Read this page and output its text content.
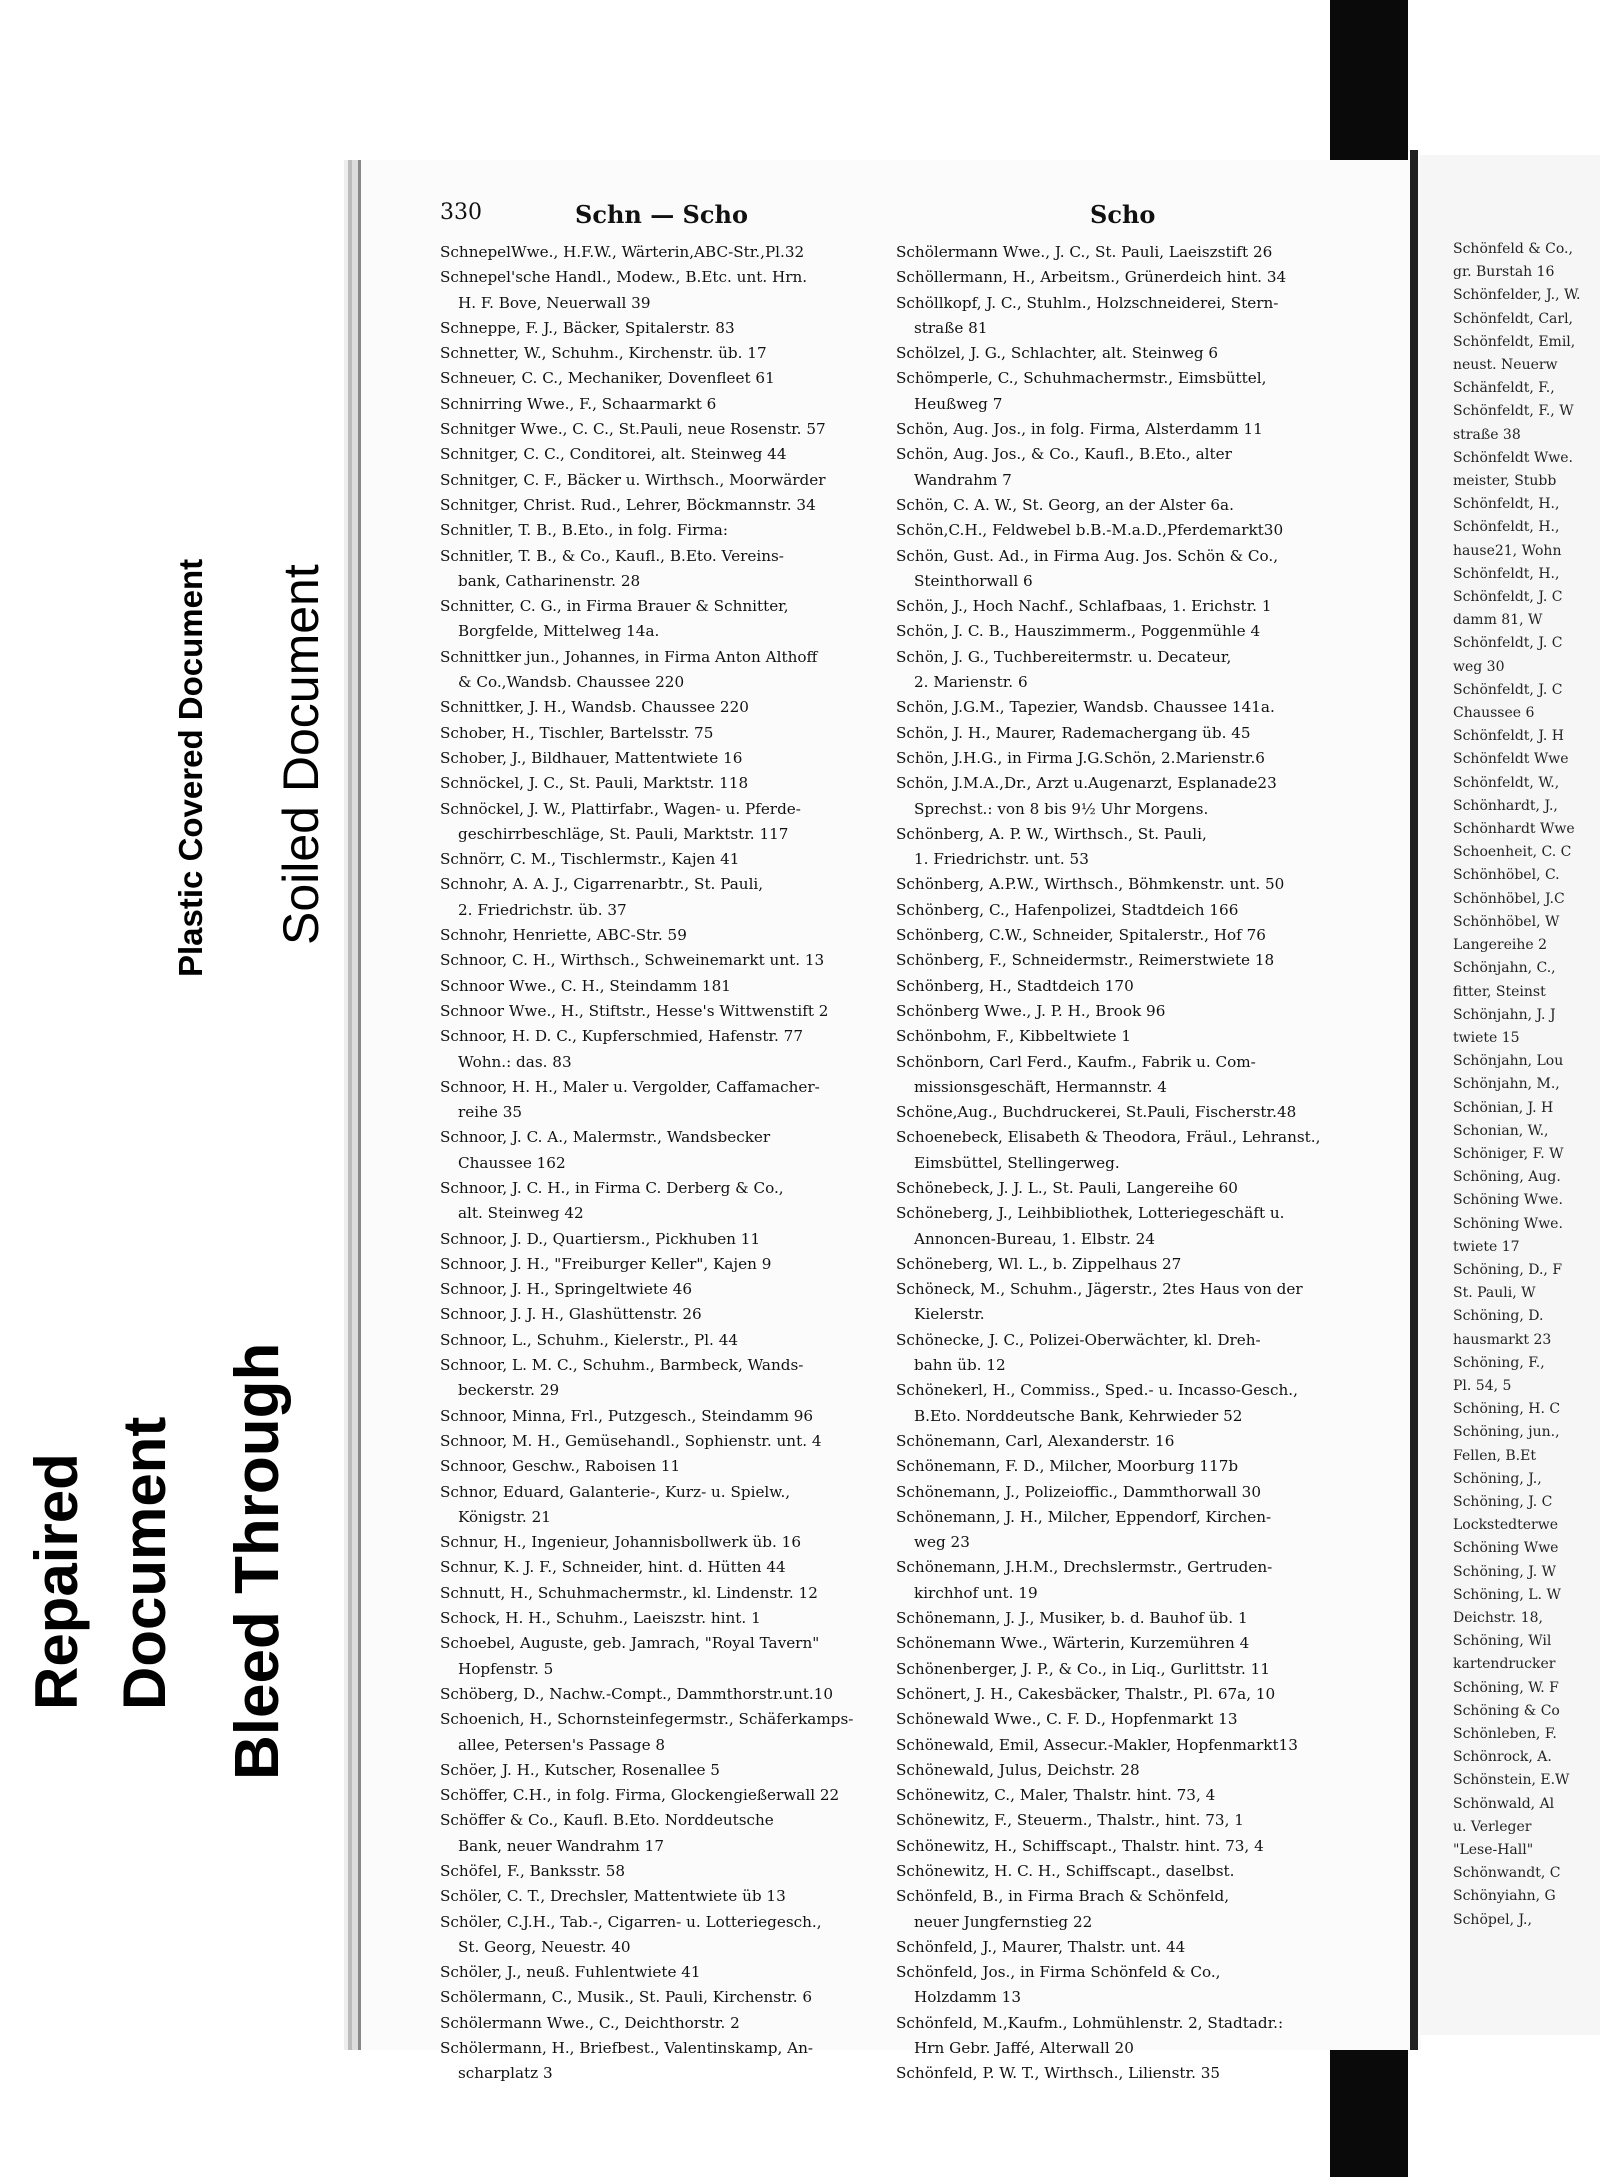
Schönfeld & Co.,
gr. Burstah 16
Schönfelder, J., W.
Schönfeldt, Carl,
Schönfeldt, Emil,
neust. Neuerw
Schänfeldt, F.,
Schönfeldt, F., W
straße 38
Schönfeldt Wwe.
meister, Stubb
Schönfeldt, H.,
Schönfeldt, H.,
hause21, Wohn
Schönfeldt, H.,
Schönfeldt, J. C
damm 81, W
Schönfeldt, J. C
weg 30
Schönfeldt, J. C
Chaussee 6
Schönfeldt, J. H
Schönfeldt Wwe
Schönfeldt, W.,
Schönhardt, J.,
Schönhardt Wwe
Schoenheit, C. C
Schönhöbel, C.
Schönhöbel, J.C
Schönhöbel, W
Langereihe 2
Schönjahn, C.,
fitter, Steinst
Schönjahn, J. J
twiete 15
Schönjahn, Lou
Schönjahn, M.,
Schönian, J. H
Schonian, W.,
Schöniger, F. W
Schöning, Aug.
Schöning Wwe.
Schöning Wwe.
twiete 17
Schöning, D., F
St. Pauli, W
Schöning, D.
hausmarkt 23
Schöning, F.,
Pl. 54, 5
Schöning, H. C
Schöning, jun.,
Fellen, B.Et
Schöning, J.,
Schöning, J. C
Lockstedterwe
Schöning Wwe
Schöning, J. W
Schöning, L. W
Deichstr. 18,
Schöning, Wil
kartendrucker
Schöning, W. F
Schöning & Co
Schönleben, F.
Schönrock, A.
Schönstein, E.W
Schönwald, Al
u. Verleger
"Lese-Hall"
Schönwandt, C
Schönyiahn, G
Schöpel, J.,
330	Schn — Scho	Scho
SchnepelWwe., H.F.W., Wärterin,ABC-Str.,Pl.32
Schnepel'sche Handl., Modew., B.Etc. unt. Hrn.
H. F. Bove, Neuerwall 39
Schneppe, F. J., Bäcker, Spitalerstr. 83
Schnetter, W., Schuhm., Kirchenstr. üb. 17
Schneuer, C. C., Mechaniker, Dovenfleet 61
Schnirring Wwe., F., Schaarmarkt 6
Schnitger Wwe., C. C., St.Pauli, neue Rosenstr. 57
Schnitger, C. C., Conditorei, alt. Steinweg 44
Schnitger, C. F., Bäcker u. Wirthsch., Moorwärder
Schnitger, Christ. Rud., Lehrer, Böckmannstr. 34
Schnitler, T. B., B.Eto., in folg. Firma:
Schnitler, T. B., & Co., Kaufl., B.Eto. Vereins-
bank, Catharinenstr. 28
Schnitter, C. G., in Firma Brauer & Schnitter,
Borgfelde, Mittelweg 14a.
Schnittker jun., Johannes, in Firma Anton Althoff
& Co.,Wandsb. Chaussee 220
Schnittker, J. H., Wandsb. Chaussee 220
Schober, H., Tischler, Bartelsstr. 75
Schober, J., Bildhauer, Mattentwiete 16
Schnöckel, J. C., St. Pauli, Marktstr. 118
Schnöckel, J. W., Plattirfabr., Wagen- u. Pferde-
geschirrbeschläge, St. Pauli, Marktstr. 117
Schnörr, C. M., Tischlermstr., Kajen 41
Schnohr, A. A. J., Cigarrenarbtr., St. Pauli,
2. Friedrichstr. üb. 37
Schnohr, Henriette, ABC-Str. 59
Schnoor, C. H., Wirthsch., Schweinemarkt unt. 13
Schnoor Wwe., C. H., Steindamm 181
Schnoor Wwe., H., Stiftstr., Hesse's Wittwenstift 2
Schnoor, H. D. C., Kupferschmied, Hafenstr. 77
Wohn.: das. 83
Schnoor, H. H., Maler u. Vergolder, Caffamacher-
reihe 35
Schnoor, J. C. A., Malermstr., Wandsbecker
Chaussee 162
Schnoor, J. C. H., in Firma C. Derberg & Co.,
alt. Steinweg 42
Schnoor, J. D., Quartiersm., Pickhuben 11
Schnoor, J. H., "Freiburger Keller", Kajen 9
Schnoor, J. H., Springeltwiete 46
Schnoor, J. J. H., Glashüttenstr. 26
Schnoor, L., Schuhm., Kielerstr., Pl. 44
Schnoor, L. M. C., Schuhm., Barmbeck, Wands-
beckerstr. 29
Schnoor, Minna, Frl., Putzgesch., Steindamm 96
Schnoor, M. H., Gemüsehandl., Sophienstr. unt. 4
Schnoor, Geschw., Raboisen 11
Schnor, Eduard, Galanterie-, Kurz- u. Spielw.,
Königstr. 21
Schnur, H., Ingenieur, Johannisbollwerk üb. 16
Schnur, K. J. F., Schneider, hint. d. Hütten 44
Schnutt, H., Schuhmachermstr., kl. Lindenstr. 12
Schock, H. H., Schuhm., Laeiszstr. hint. 1
Schoebel, Auguste, geb. Jamrach, "Royal Tavern"
Hopfenstr. 5
Schöberg, D., Nachw.-Compt., Dammthorstr.unt.10
Schoenich, H., Schornsteinfegermstr., Schäferkamps-
allee, Petersen's Passage 8
Schöer, J. H., Kutscher, Rosenallee 5
Schöffer, C.H., in folg. Firma, Glockengießerwall 22
Schöffer & Co., Kaufl. B.Eto. Norddeutsche
Bank, neuer Wandrahm 17
Schöfel, F., Banksstr. 58
Schöler, C. T., Drechsler, Mattentwiete üb 13
Schöler, C.J.H., Tab.-, Cigarren- u. Lotteriegesch.,
St. Georg, Neuestr. 40
Schöler, J., neuß. Fuhlentwiete 41
Schölermann, C., Musik., St. Pauli, Kirchenstr. 6
Schölermann Wwe., C., Deichthorstr. 2
Schölermann, H., Briefbest., Valentinskamp, An-
scharplatz 3
Schölermann Wwe., J. C., St. Pauli, Laeiszstift 26
Schöllermann, H., Arbeitsm., Grünerdeich hint. 34
Schöllkopf, J. C., Stuhlm., Holzschneiderei, Stern-
straße 81
Schölzel, J. G., Schlachter, alt. Steinweg 6
Schömperle, C., Schuhmachermstr., Eimsbüttel,
Heußweg 7
Schön, Aug. Jos., in folg. Firma, Alsterdamm 11
Schön, Aug. Jos., & Co., Kaufl., B.Eto., alter
Wandrahm 7
Schön, C. A. W., St. Georg, an der Alster 6a.
Schön,C.H., Feldwebel b.B.-M.a.D.,Pferdemarkt30
Schön, Gust. Ad., in Firma Aug. Jos. Schön & Co.,
Steinthorwall 6
Schön, J., Hoch Nachf., Schlafbaas, 1. Erichstr. 1
Schön, J. C. B., Hauszimmerm., Poggenmühle 4
Schön, J. G., Tuchbereitermstr. u. Decateur,
2. Marienstr. 6
Schön, J.G.M., Tapezier, Wandsb. Chaussee 141a.
Schön, J. H., Maurer, Rademachergang üb. 45
Schön, J.H.G., in Firma J.G.Schön, 2.Marienstr.6
Schön, J.M.A.,Dr., Arzt u.Augenarzt, Esplanade23
Sprechst.: von 8 bis 9½ Uhr Morgens.
Schönberg, A. P. W., Wirthsch., St. Pauli,
1. Friedrichstr. unt. 53
Schönberg, A.P.W., Wirthsch., Böhmkenstr. unt. 50
Schönberg, C., Hafenpolizei, Stadtdeich 166
Schönberg, C.W., Schneider, Spitalerstr., Hof 76
Schönberg, F., Schneidermstr., Reimerstwiete 18
Schönberg, H., Stadtdeich 170
Schönberg Wwe., J. P. H., Brook 96
Schönbohm, F., Kibbeltwiete 1
Schönborn, Carl Ferd., Kaufm., Fabrik u. Com-
missionsgeschäft, Hermannstr. 4
Schöne,Aug., Buchdruckerei, St.Pauli, Fischerstr.48
Schoenebeck, Elisabeth & Theodora, Fräul., Lehranst.,
Eimsbüttel, Stellingerweg.
Schönebeck, J. J. L., St. Pauli, Langereihe 60
Schöneberg, J., Leihbibliothek, Lotteriegeschäft u.
Annoncen-Bureau, 1. Elbstr. 24
Schöneberg, Wl. L., b. Zippelhaus 27
Schöneck, M., Schuhm., Jägerstr., 2tes Haus von der
Kielerstr.
Schönecke, J. C., Polizei-Oberwächter, kl. Dreh-
bahn üb. 12
Schönekerl, H., Commiss., Sped.- u. Incasso-Gesch.,
B.Eto. Norddeutsche Bank, Kehrwieder 52
Schönemann, Carl, Alexanderstr. 16
Schönemann, F. D., Milcher, Moorburg 117b
Schönemann, J., Polizeioffic., Dammthorwall 30
Schönemann, J. H., Milcher, Eppendorf, Kirchen-
weg 23
Schönemann, J.H.M., Drechslermstr., Gertruden-
kirchhof unt. 19
Schönemann, J. J., Musiker, b. d. Bauhof üb. 1
Schönemann Wwe., Wärterin, Kurzemühren 4
Schönenberger, J. P., & Co., in Liq., Gurlittstr. 11
Schönert, J. H., Cakesbäcker, Thalstr., Pl. 67a, 10
Schönewald Wwe., C. F. D., Hopfenmarkt 13
Schönewald, Emil, Assecur.-Makler, Hopfenmarkt13
Schönewald, Julus, Deichstr. 28
Schönewitz, C., Maler, Thalstr. hint. 73, 4
Schönewitz, F., Steuerm., Thalstr., hint. 73, 1
Schönewitz, H., Schiffscapt., Thalstr. hint. 73, 4
Schönewitz, H. C. H., Schiffscapt., daselbst.
Schönfeld, B., in Firma Brach & Schönfeld,
neuer Jungfernstieg 22
Schönfeld, J., Maurer, Thalstr. unt. 44
Schönfeld, Jos., in Firma Schönfeld & Co.,
Holzdamm 13
Schönfeld, M.,Kaufm., Lohmühlenstr. 2, Stadtadr.:
Hrn Gebr. Jaffé, Alterwall 20
Schönfeld, P. W. T., Wirthsch., Lilienstr. 35
Plastic Covered Document Soiled Document
Repaired Document Bleed Through
